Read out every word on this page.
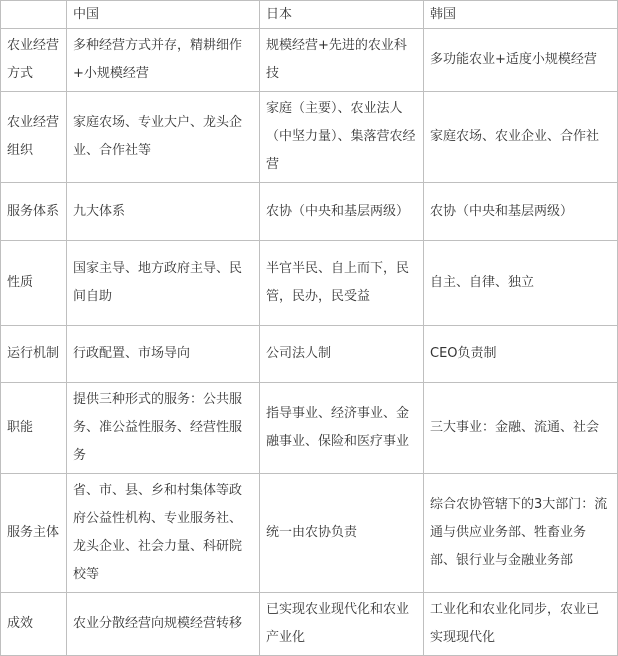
	中国	日本	韩国
农业经营方式	多种经营方式并存，精耕细作+小规模经营	规模经营+先进的农业科技	多功能农业+适度小规模经营
农业经营组织	家庭农场、专业大户、龙头企业、合作社等	家庭（主要）、农业法人（中坚力量）、集落营农经营	家庭农场、农业企业、合作社
服务体系	九大体系	农协（中央和基层两级）	农协（中央和基层两级）
性质	国家主导、地方政府主导、民间自助	半官半民、自上而下，民管，民办，民受益	自主、自律、独立
运行机制	行政配置、市场导向	公司法人制	CEO负责制
职能	提供三种形式的服务：公共服务、准公益性服务、经营性服务	指导事业、经济事业、金融事业、保险和医疗事业	三大事业：金融、流通、社会
服务主体	省、市、县、乡和村集体等政府公益性机构、专业服务社、龙头企业、社会力量、科研院校等	统一由农协负责	综合农协管辖下的3大部门：流通与供应业务部、牲畜业务部、银行业与金融业务部
成效	农业分散经营向规模经营转移	已实现农业现代化和农业产业化	工业化和农业化同步，农业已实现现代化
